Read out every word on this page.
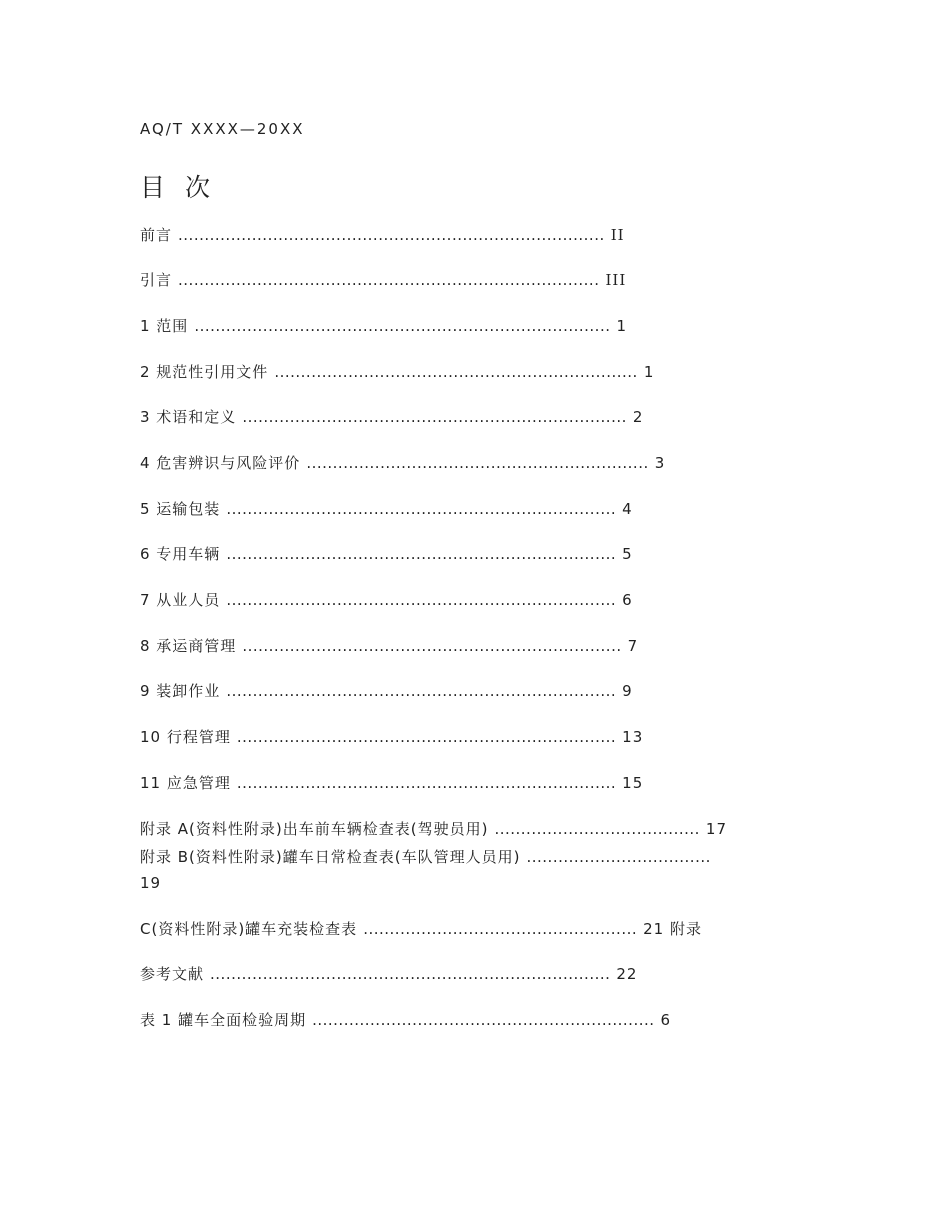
AQ/T XXXX—20XX
目 次
前言 ................................................................................. II
引言 ................................................................................ III
1 范围 ............................................................................... 1
2 规范性引用文件 ..................................................................... 1
3 术语和定义 ......................................................................... 2
4 危害辨识与风险评价 ................................................................. 3
5 运输包装 .......................................................................... 4
6 专用车辆 .......................................................................... 5
7 从业人员 .......................................................................... 6
8 承运商管理 ........................................................................ 7
9 装卸作业 .......................................................................... 9
10 行程管理 ........................................................................ 13
11 应急管理 ........................................................................ 15
附录 A(资料性附录)出车前车辆检查表(驾驶员用) ....................................... 17
附录 B(资料性附录)罐车日常检查表(车队管理人员用) ...................................
19
C(资料性附录)罐车充装检查表 .................................................... 21 附录
参考文献 ............................................................................ 22
表 1 罐车全面检验周期 ................................................................. 6
